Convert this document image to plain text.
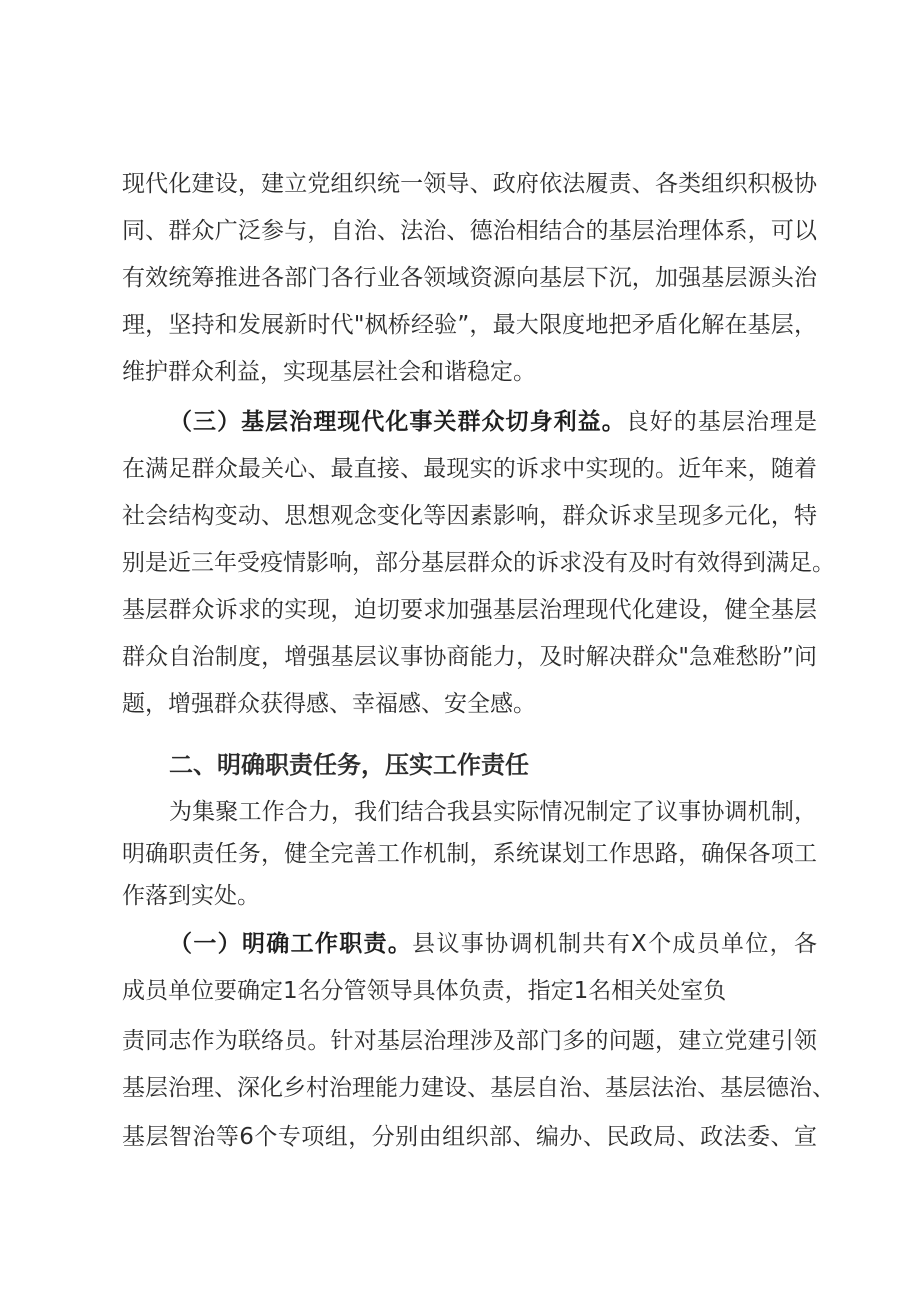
现代化建设，建立党组织统一领导、政府依法履责、各类组织积极协

同、群众广泛参与，自治、法治、德治相结合的基层治理体系，可以

有效统筹推进各部门各行业各领域资源向基层下沉，加强基层源头治

理，坚持和发展新时代"枫桥经验”，最大限度地把矛盾化解在基层，

维护群众利益，实现基层社会和谐稳定。

（三）基层治理现代化事关群众切身利益。良好的基层治理是

在满足群众最关心、最直接、最现实的诉求中实现的。近年来，随着

社会结构变动、思想观念变化等因素影响，群众诉求呈现多元化，特

别是近三年受疫情影响，部分基层群众的诉求没有及时有效得到满足。

基层群众诉求的实现，迫切要求加强基层治理现代化建设，健全基层

群众自治制度，增强基层议事协商能力，及时解决群众"急难愁盼”问

题，增强群众获得感、幸福感、安全感。

二、明确职责任务，压实工作责任

为集聚工作合力，我们结合我县实际情况制定了议事协调机制，

明确职责任务，健全完善工作机制，系统谋划工作思路，确保各项工

作落到实处。

（一）明确工作职责。县议事协调机制共有X个成员单位，各

成员单位要确定1名分管领导具体负责，指定1名相关处室负

责同志作为联络员。针对基层治理涉及部门多的问题，建立党建引领

基层治理、深化乡村治理能力建设、基层自治、基层法治、基层德治、

基层智治等6个专项组，分别由组织部、编办、民政局、政法委、宣
